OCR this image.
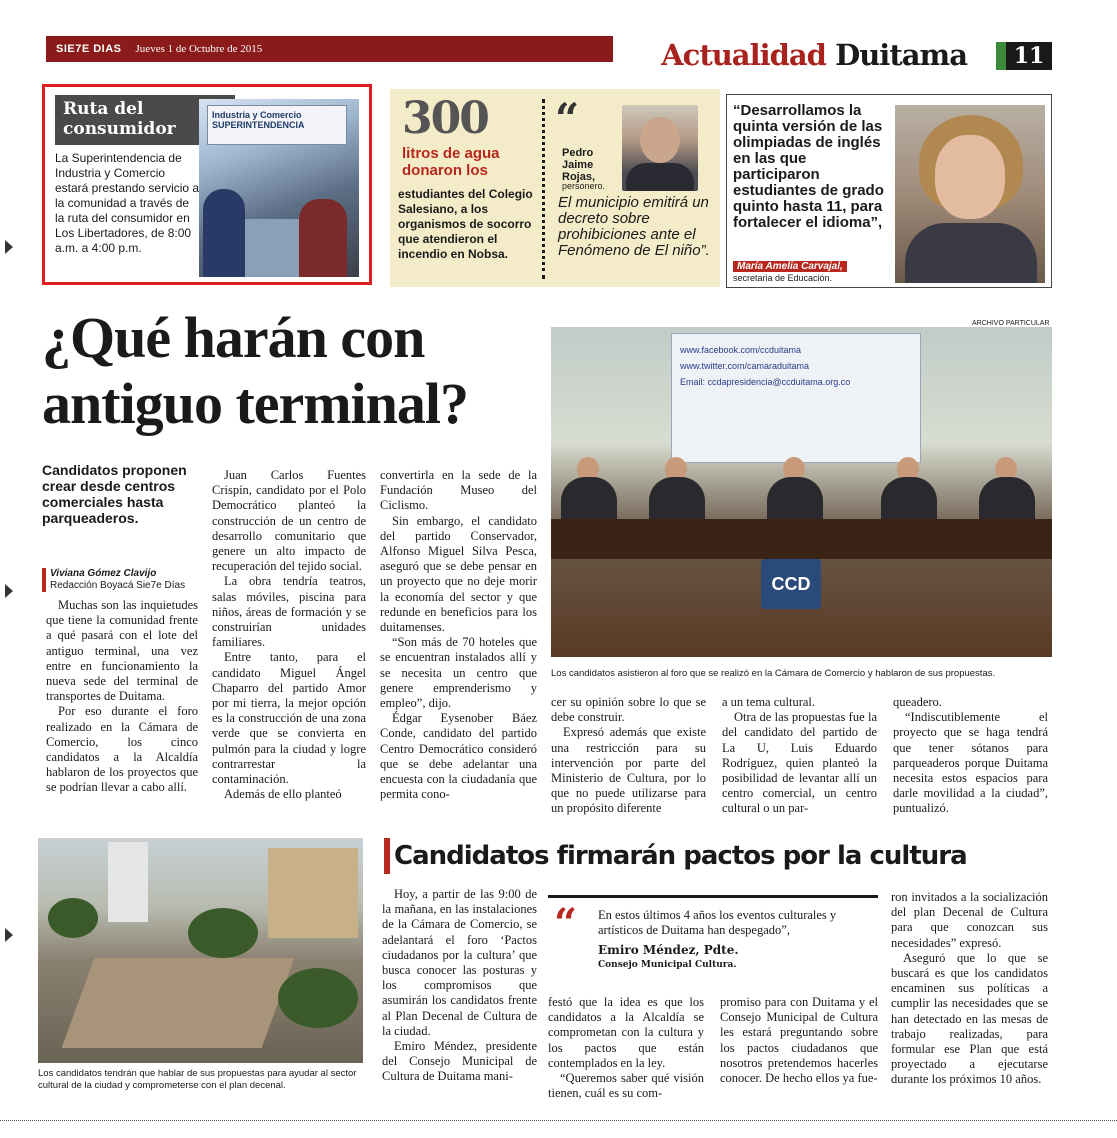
SIE7E DIAS Jueves 1 de Octubre de 2015	Actualidad Duitama	11
Ruta del consumidor
La Superintendencia de Industria y Comercio estará prestando servicio a la comunidad a través de la ruta del consumidor en Los Libertadores, de 8:00 a.m. a 4:00 p.m.
Industria y Comercio SUPERINTENDENCIA	300
litros de agua donaron los
estudiantes del Colegio Salesiano, a los organismos de socorro que atendieron el incendio en Nobsa.
“
Pedro Jaime Rojas,
personero.
El municipio emitirá un decreto sobre prohibiciones ante el Fenómeno de El niño”.
“Desarrollamos la quinta versión de las olimpiadas de inglés en las que participaron estudiantes de grado quinto hasta 11, para fortalecer el idioma”,
María Amelia Carvajal,
secretaria de Educación.
¿Qué harán con antiguo terminal?
Candidatos proponen crear desde centros comerciales hasta parqueaderos.
Viviana Gómez Clavijo
Redacción Boyacá Sie7e Días

Muchas son las inquietudes que tiene la comunidad frente a qué pasará con el lote del antiguo terminal, una vez entre en funcionamiento la nueva sede del terminal de transportes de Duitama.

Por eso durante el foro realizado en la Cámara de Comercio, los cinco candidatos a la Alcaldía hablaron de los proyectos que se podrían llevar a cabo allí.

Juan Carlos Fuentes Crispín, candidato por el Polo Democrático planteó la construcción de un centro de desarrollo comunitario que genere un alto impacto de recuperación del tejido social.

La obra tendría teatros, salas móviles, piscina para niños, áreas de formación y se construirían unidades familiares.

Entre tanto, para el candidato Miguel Ángel Chaparro del partido Amor por mi tierra, la mejor opción es la construcción de una zona verde que se convierta en pulmón para la ciudad y logre contrarrestar la contaminación.

Además de ello planteó

convertirla en la sede de la Fundación Museo del Ciclismo.

Sin embargo, el candidato del partido Conservador, Alfonso Miguel Silva Pesca, aseguró que se debe pensar en un proyecto que no deje morir la economía del sector y que redunde en beneficios para los duitamenses.

“Son más de 70 hoteles que se encuentran instalados allí y se necesita un centro que genere emprenderismo y empleo”, dijo.

Édgar Eysenober Báez Conde, candidato del partido Centro Democrático consideró que se debe adelantar una encuesta con la ciudadanía que permita cono-

ARCHIVO PARTICULAR
www.facebook.com/ccduitama
www.twitter.com/camaraduitama
Email: ccdapresidencia@ccduitama.org.co
CCD
Los candidatos asistieron al foro que se realizó en la Cámara de Comercio y hablaron de sus propuestas.

cer su opinión sobre lo que se debe construir.

Expresó además que existe una restricción para su intervención por parte del Ministerio de Cultura, por lo que no puede utilizarse para un propósito diferente

a un tema cultural.

Otra de las propuestas fue la del candidato del partido de La U, Luis Eduardo Rodríguez, quien planteó la posibilidad de levantar allí un centro comercial, un centro cultural o un par-

queadero.

“Indiscutiblemente el proyecto que se haga tendrá que tener sótanos para parqueaderos porque Duitama necesita estos espacios para darle movilidad a la ciudad”, puntualizó.

Los candidatos tendrán que hablar de sus propuestas para ayudar al sector cultural de la ciudad y comprometerse con el plan decenal.
Candidatos firmarán pactos por la cultura

Hoy, a partir de las 9:00 de la mañana, en las instalaciones de la Cámara de Comercio, se adelantará el foro ‘Pactos ciudadanos por la cultura’ que busca conocer las posturas y los compromisos que asumirán los candidatos frente al Plan Decenal de Cultura de la ciudad.

Emiro Méndez, presidente del Consejo Municipal de Cultura de Duitama mani-

“ En estos últimos 4 años los eventos culturales y artísticos de Duitama han despegado”,
Emiro Méndez, Pdte.
Consejo Municipal Cultura.

festó que la idea es que los candidatos a la Alcaldía se comprometan con la cultura y los pactos que están contemplados en la ley.

“Queremos saber qué visión tienen, cuál es su com-

promiso para con Duitama y el Consejo Municipal de Cultura les estará preguntando sobre los pactos ciudadanos que nosotros pretendemos hacerles conocer. De hecho ellos ya fue-

ron invitados a la socialización del plan Decenal de Cultura para que conozcan sus necesidades” expresó.

Aseguró que lo que se buscará es que los candidatos encaminen sus políticas a cumplir las necesidades que se han detectado en las mesas de trabajo realizadas, para formular ese Plan que está proyectado a ejecutarse durante los próximos 10 años.
